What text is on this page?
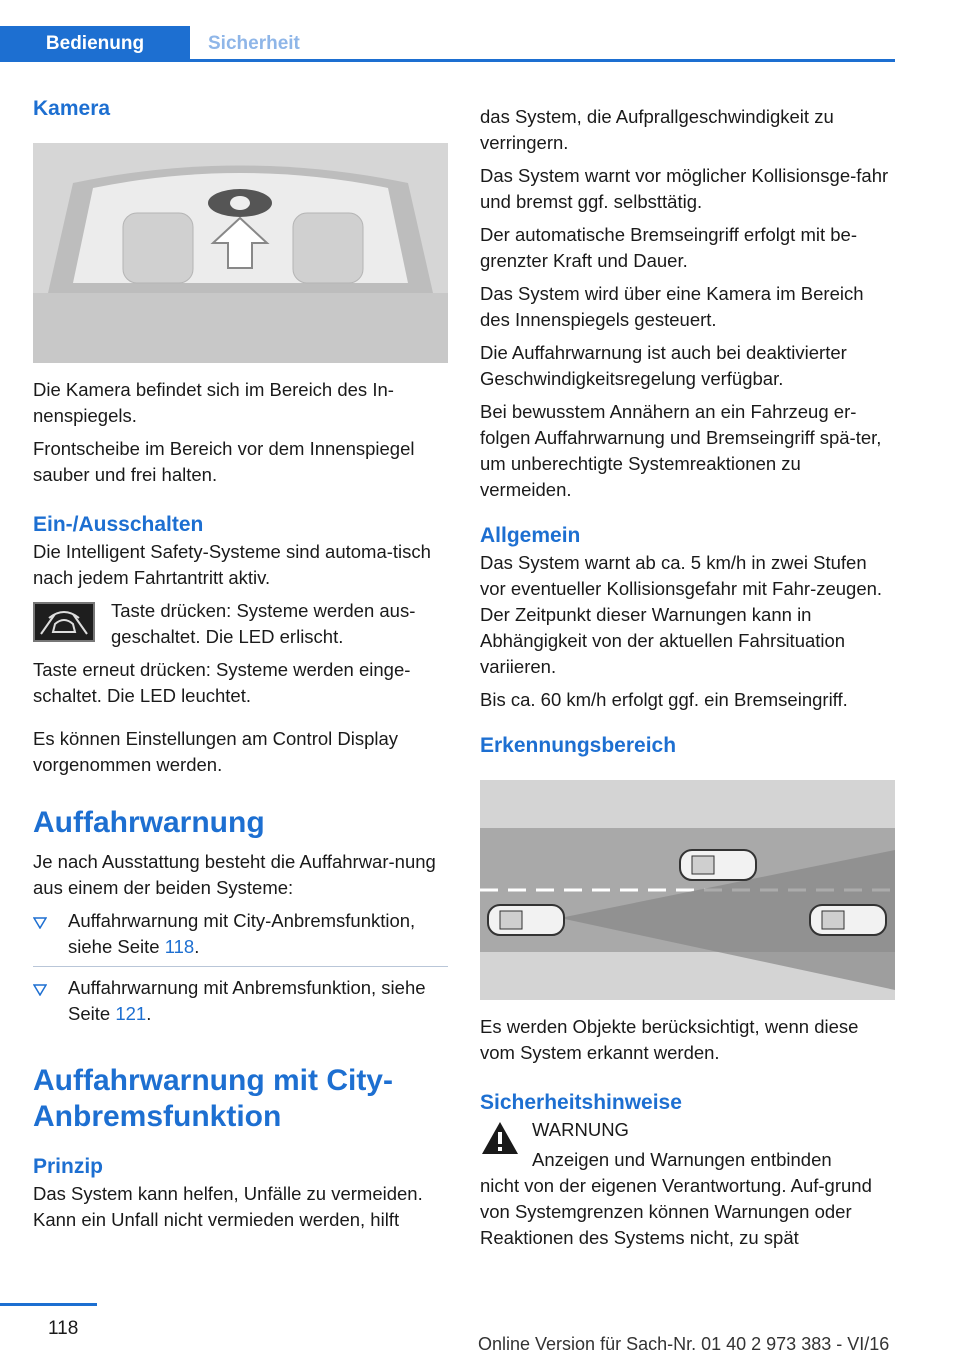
Bedienung	Sicherheit
Kamera

Die Kamera befindet sich im Bereich des In-nenspiegels.

Frontscheibe im Bereich vor dem Innenspiegel sauber und frei halten.

Ein-/Ausschalten

Die Intelligent Safety-Systeme sind automa-tisch nach jedem Fahrtantritt aktiv.

Taste drücken: Systeme werden aus-geschaltet. Die LED erlischt.

Taste erneut drücken: Systeme werden einge-schaltet. Die LED leuchtet.

Es können Einstellungen am Control Display vorgenommen werden.

Auffahrwarnung

Je nach Ausstattung besteht die Auffahrwar-nung aus einem der beiden Systeme:

Auffahrwarnung mit City-Anbremsfunktion, siehe Seite 118.
Auffahrwarnung mit Anbremsfunktion, siehe Seite 121.
Auffahrwarnung mit City-Anbremsfunktion
Prinzip

Das System kann helfen, Unfälle zu vermeiden. Kann ein Unfall nicht vermieden werden, hilft

das System, die Aufprallgeschwindigkeit zu verringern.

Das System warnt vor möglicher Kollisionsge-fahr und bremst ggf. selbsttätig.

Der automatische Bremseingriff erfolgt mit be-grenzter Kraft und Dauer.

Das System wird über eine Kamera im Bereich des Innenspiegels gesteuert.

Die Auffahrwarnung ist auch bei deaktivierter Geschwindigkeitsregelung verfügbar.

Bei bewusstem Annähern an ein Fahrzeug er-folgen Auffahrwarnung und Bremseingriff spä-ter, um unberechtigte Systemreaktionen zu vermeiden.

Allgemein

Das System warnt ab ca. 5 km/h in zwei Stufen vor eventueller Kollisionsgefahr mit Fahr-zeugen. Der Zeitpunkt dieser Warnungen kann in Abhängigkeit von der aktuellen Fahrsituation variieren.

Bis ca. 60 km/h erfolgt ggf. ein Bremseingriff.

Erkennungsbereich

Es werden Objekte berücksichtigt, wenn diese vom System erkannt werden.

Sicherheitshinweise

WARNUNG

Anzeigen und Warnungen entbinden

nicht von der eigenen Verantwortung. Auf-grund von Systemgrenzen können Warnungen oder Reaktionen des Systems nicht, zu spät

118
Online Version für Sach-Nr. 01 40 2 973 383 - VI/16
